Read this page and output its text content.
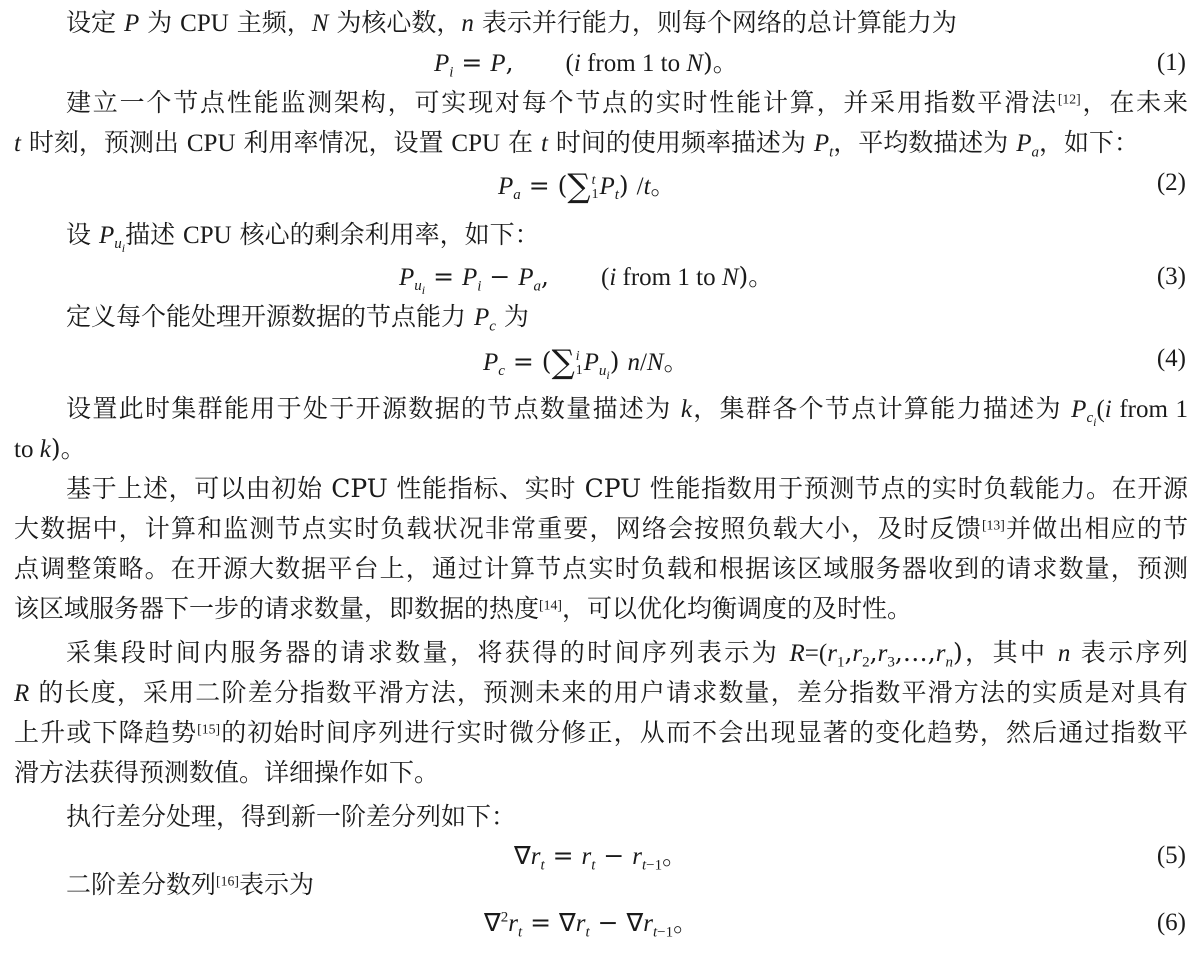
设定 P 为 CPU 主频，N 为核心数，n 表示并行能力，则每个网络的总计算能力为
$P_i = P$, (i from 1 to N)。	(1)
建立一个节点性能监测架构，可实现对每个节点的实时性能计算，并采用指数平滑法[12]，在未来
t 时刻，预测出 CPU 利用率情况，设置 CPU 在 t 时间的使用频率描述为 $P_t$，平均数描述为 $P_a$，如下：
$P_a$ = (∑ t
1 $P_t$) /t。	(2)
设 $P_{u_i}$描述 CPU 核心的剩余利用率，如下：
$P_{u_i} = P_i - P_a$, (i from 1 to N)。	(3)
定义每个能处理开源数据的节点能力 $P_c$ 为
$P_c$ = (∑ i
1 $P_{u_i}$) n/N。	(4)
设置此时集群能用于处于开源数据的节点数量描述为 k，集群各个节点计算能力描述为 $P_{c_i}(i$ from 1
to k)。
基于上述，可以由初始 CPU 性能指标、实时 CPU 性能指数用于预测节点的实时负载能力。在开源
大数据中，计算和监测节点实时负载状况非常重要，网络会按照负载大小，及时反馈[13]并做出相应的节
点调整策略。在开源大数据平台上，通过计算节点实时负载和根据该区域服务器收到的请求数量，预测
该区域服务器下一步的请求数量，即数据的热度[14]，可以优化均衡调度的及时性。
采集段时间内服务器的请求数量，将获得的时间序列表示为 $R=(r_1,r_2,r_3,\dots,r_n)$，其中 n 表示序列
R 的长度，采用二阶差分指数平滑方法，预测未来的用户请求数量，差分指数平滑方法的实质是对具有
上升或下降趋势[15]的初始时间序列进行实时微分修正，从而不会出现显著的变化趋势，然后通过指数平
滑方法获得预测数值。详细操作如下。
执行差分处理，得到新一阶差分列如下：
$\nabla r_t = r_t - r_{t-1}$。	(5)
二阶差分数列[16]表示为
$\nabla^2r_t = \nabla r_t - \nabla r_{t-1}$。	(6)
